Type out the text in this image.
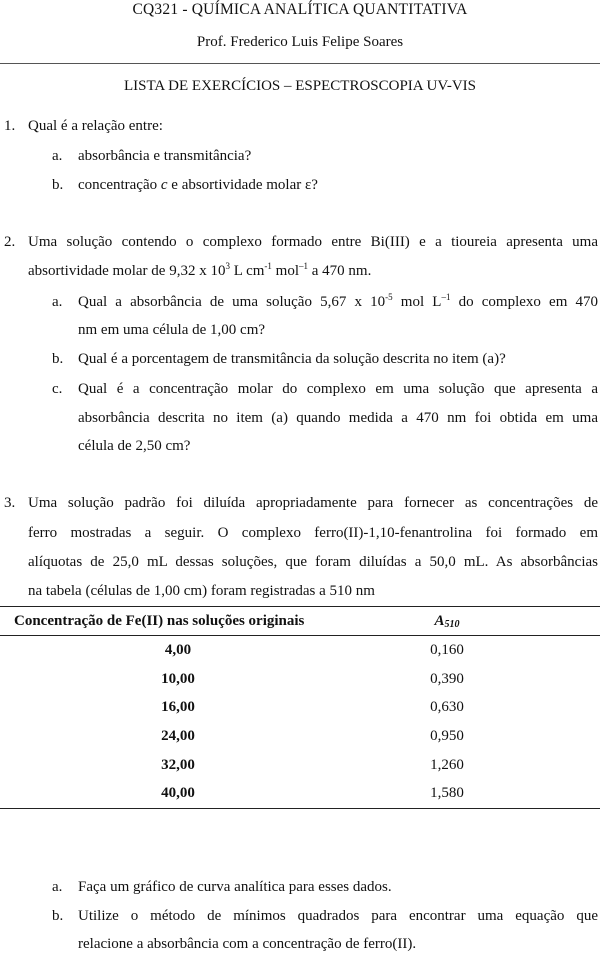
CQ321 - QUÍMICA ANALÍTICA QUANTITATIVA
Prof. Frederico Luis Felipe Soares
LISTA DE EXERCÍCIOS – ESPECTROSCOPIA UV-VIS
1. Qual é a relação entre:
a. absorbância e transmitância?
b. concentração c e absortividade molar ε?
2. Uma solução contendo o complexo formado entre Bi(III) e a tioureia apresenta uma
absortividade molar de 9,32 x $10^3$ L $cm^{-1}$ mol$^{-1}$ a 470 nm.
a. Qual a absorbância de uma solução 5,67 x $10^{-5}$ mol $L^{-1}$ do complexo em 470
nm em uma célula de 1,00 cm?
b. Qual é a porcentagem de transmitância da solução descrita no item (a)?
c. Qual é a concentração molar do complexo em uma solução que apresenta a
absorbância descrita no item (a) quando medida a 470 nm foi obtida em uma
célula de 2,50 cm?
3. Uma solução padrão foi diluída apropriadamente para fornecer as concentrações de
ferro mostradas a seguir. O complexo ferro(II)-1,10-fenantrolina foi formado em
alíquotas de 25,0 mL dessas soluções, que foram diluídas a 50,0 mL. As absorbâncias
na tabela (células de 1,00 cm) foram registradas a 510 nm
Concentração de Fe(II) nas soluções originais	$A_{510}$
4,00	0,160
10,00	0,390
16,00	0,630
24,00	0,950
32,00	1,260
40,00	1,580
a. Faça um gráfico de curva analítica para esses dados.
b. Utilize o método de mínimos quadrados para encontrar uma equação que
relacione a absorbância com a concentração de ferro(II).
